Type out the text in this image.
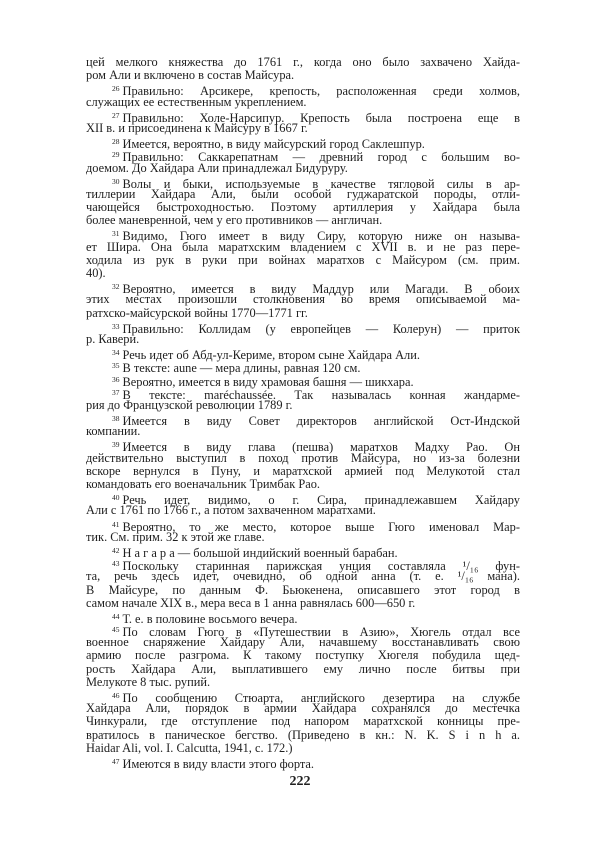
цей мелкого княжества до 1761 г., когда оно было захвачено Хайда-
ром Али и включено в состав Майсура.
$^{26}$ Правильно: Арсикере, крепость, расположенная среди холмов,
служащих ее естественным укреплением.
$^{27}$ Правильно: Холе-Нарсипур. Крепость была построена еще в
XII в. и присоединена к Майсуру в 1667 г.
$^{28}$ Имеется, вероятно, в виду майсурский город Саклешпур.
$^{29}$ Правильно: Саккарепатнам — древний город с большим во-
доемом. До Хайдара Али принадлежал Бидуруру.
$^{30}$ Волы и быки, используемые в качестве тягловой силы в ар-
тиллерии Хайдара Али, были особой гуджаратской породы, отли-
чающейся быстроходностью. Поэтому артиллерия у Хайдара была
более маневренной, чем у его противников — англичан.
$^{31}$ Видимо, Гюго имеет в виду Сиру, которую ниже он называ-
ет Шира. Она была маратхским владением с XVII в. и не раз пере-
ходила из рук в руки при войнах маратхов с Майсуром (см. прим.
40).
$^{32}$ Вероятно, имеется в виду Маддур или Магади. В обоих
этих местах произошли столкновения во время описываемой ма-
ратхско-майсурской войны 1770—1771 гг.
$^{33}$ Правильно: Коллидам (у европейцев — Колерун) — приток
р. Кавери.
$^{34}$ Речь идет об Абд-ул-Кериме, втором сыне Хайдара Али.
$^{35}$ В тексте: aune — мера длины, равная 120 см.
$^{36}$ Вероятно, имеется в виду храмовая башня — шикхара.
$^{37}$ В тексте: maréchaussée. Так называлась конная жандарме-
рия до Французской революции 1789 г.
$^{38}$ Имеется в виду Совет директоров английской Ост-Индской
компании.
$^{39}$ Имеется в виду глава (пешва) маратхов Мадху Рао. Он
действительно выступил в поход против Майсура, но из-за болезни
вскоре вернулся в Пуну, и маратхской армией под Мелукотой стал
командовать его военачальник Тримбак Рао.
$^{40}$ Речь идет, видимо, о г. Сира, принадлежавшем Хайдару
Али с 1761 по 1766 г., а потом захваченном маратхами.
$^{41}$ Вероятно, то же место, которое выше Гюго именовал Мар-
тик. См. прим. 32 к этой же главе.
$^{42}$ Н а г а р а — большой индийский военный барабан.
$^{43}$ Поскольку старинная парижская унция составляла ¹/₁₆ фун-
та, речь здесь идет, очевидно, об одной анна (т. е. ¹/₁₆ мана).
В Майсуре, по данным Ф. Бьюкенена, описавшего этот город в
самом начале XIX в., мера веса в 1 анна равнялась 600—650 г.
$^{44}$ Т. е. в половине восьмого вечера.
$^{45}$ По словам Гюго в «Путешествии в Азию», Хюгель отдал все
военное снаряжение Хайдару Али, начавшему восстанавливать свою
армию после разгрома. К такому поступку Хюгеля побудила щед-
рость Хайдара Али, выплатившего ему лично после битвы при
Мелукоте 8 тыс. рупий.
$^{46}$ По сообщению Стюарта, английского дезертира на службе
Хайдара Али, порядок в армии Хайдара сохранялся до местечка
Чинкурали, где отступление под напором маратхской конницы пре-
вратилось в паническое бегство. (Приведено в кн.: N. K. S i n h a.
Haidar Ali, vol. I. Calcutta, 1941, c. 172.)
$^{47}$ Имеются в виду власти этого форта.
222
